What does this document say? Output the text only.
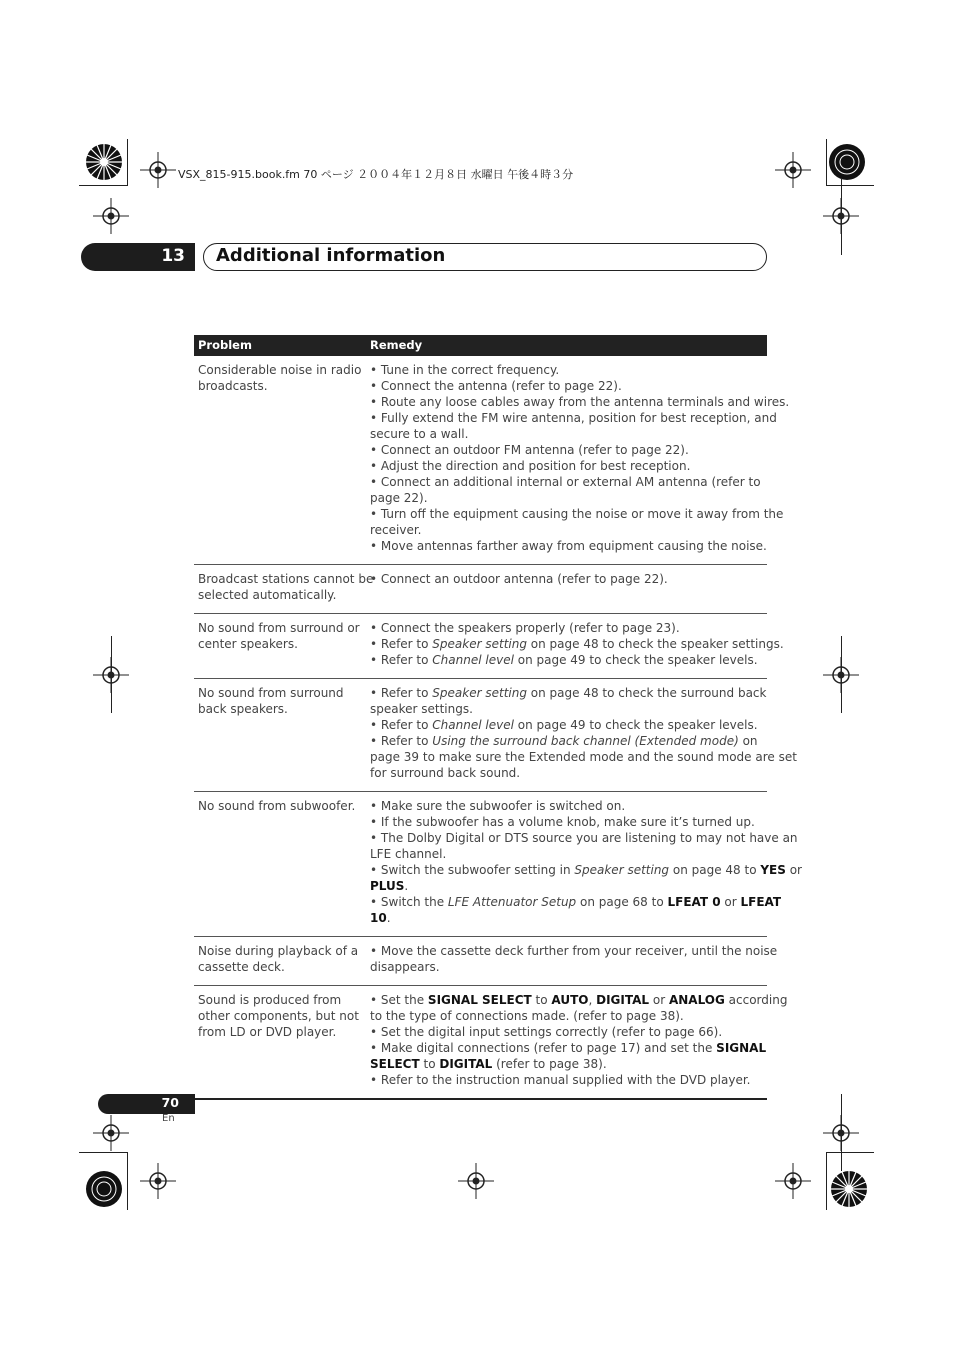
VSX_815-915.book.fm 70 ページ ２００４年１２月８日 水曜日 午後４時３分
13 Additional information
Problem	Remedy
Considerable noise in radio
broadcasts.
• Tune in the correct frequency.
• Connect the antenna (refer to page 22).
• Route any loose cables away from the antenna terminals and wires.
• Fully extend the FM wire antenna, position for best reception, and
secure to a wall.
• Connect an outdoor FM antenna (refer to page 22).
• Adjust the direction and position for best reception.
• Connect an additional internal or external AM antenna (refer to
page 22).
• Turn off the equipment causing the noise or move it away from the
receiver.
• Move antennas farther away from equipment causing the noise.
Broadcast stations cannot be
selected automatically.
• Connect an outdoor antenna (refer to page 22).
No sound from surround or
center speakers.
• Connect the speakers properly (refer to page 23).
• Refer to Speaker setting on page 48 to check the speaker settings.
• Refer to Channel level on page 49 to check the speaker levels.
No sound from surround
back speakers.
• Refer to Speaker setting on page 48 to check the surround back
speaker settings.
• Refer to Channel level on page 49 to check the speaker levels.
• Refer to Using the surround back channel (Extended mode) on
page 39 to make sure the Extended mode and the sound mode are set
for surround back sound.
No sound from subwoofer.	• Make sure the subwoofer is switched on.
• If the subwoofer has a volume knob, make sure it’s turned up.
• The Dolby Digital or DTS source you are listening to may not have an
LFE channel.
• Switch the subwoofer setting in Speaker setting on page 48 to YES or
PLUS.
• Switch the LFE Attenuator Setup on page 68 to LFEAT 0 or LFEAT
10.
Noise during playback of a
cassette deck.
• Move the cassette deck further from your receiver, until the noise
disappears.
Sound is produced from
other components, but not
from LD or DVD player.
• Set the SIGNAL SELECT to AUTO, DIGITAL or ANALOG according
to the type of connections made. (refer to page 38).
• Set the digital input settings correctly (refer to page 66).
• Make digital connections (refer to page 17) and set the SIGNAL
SELECT to DIGITAL (refer to page 38).
• Refer to the instruction manual supplied with the DVD player.
70
En
